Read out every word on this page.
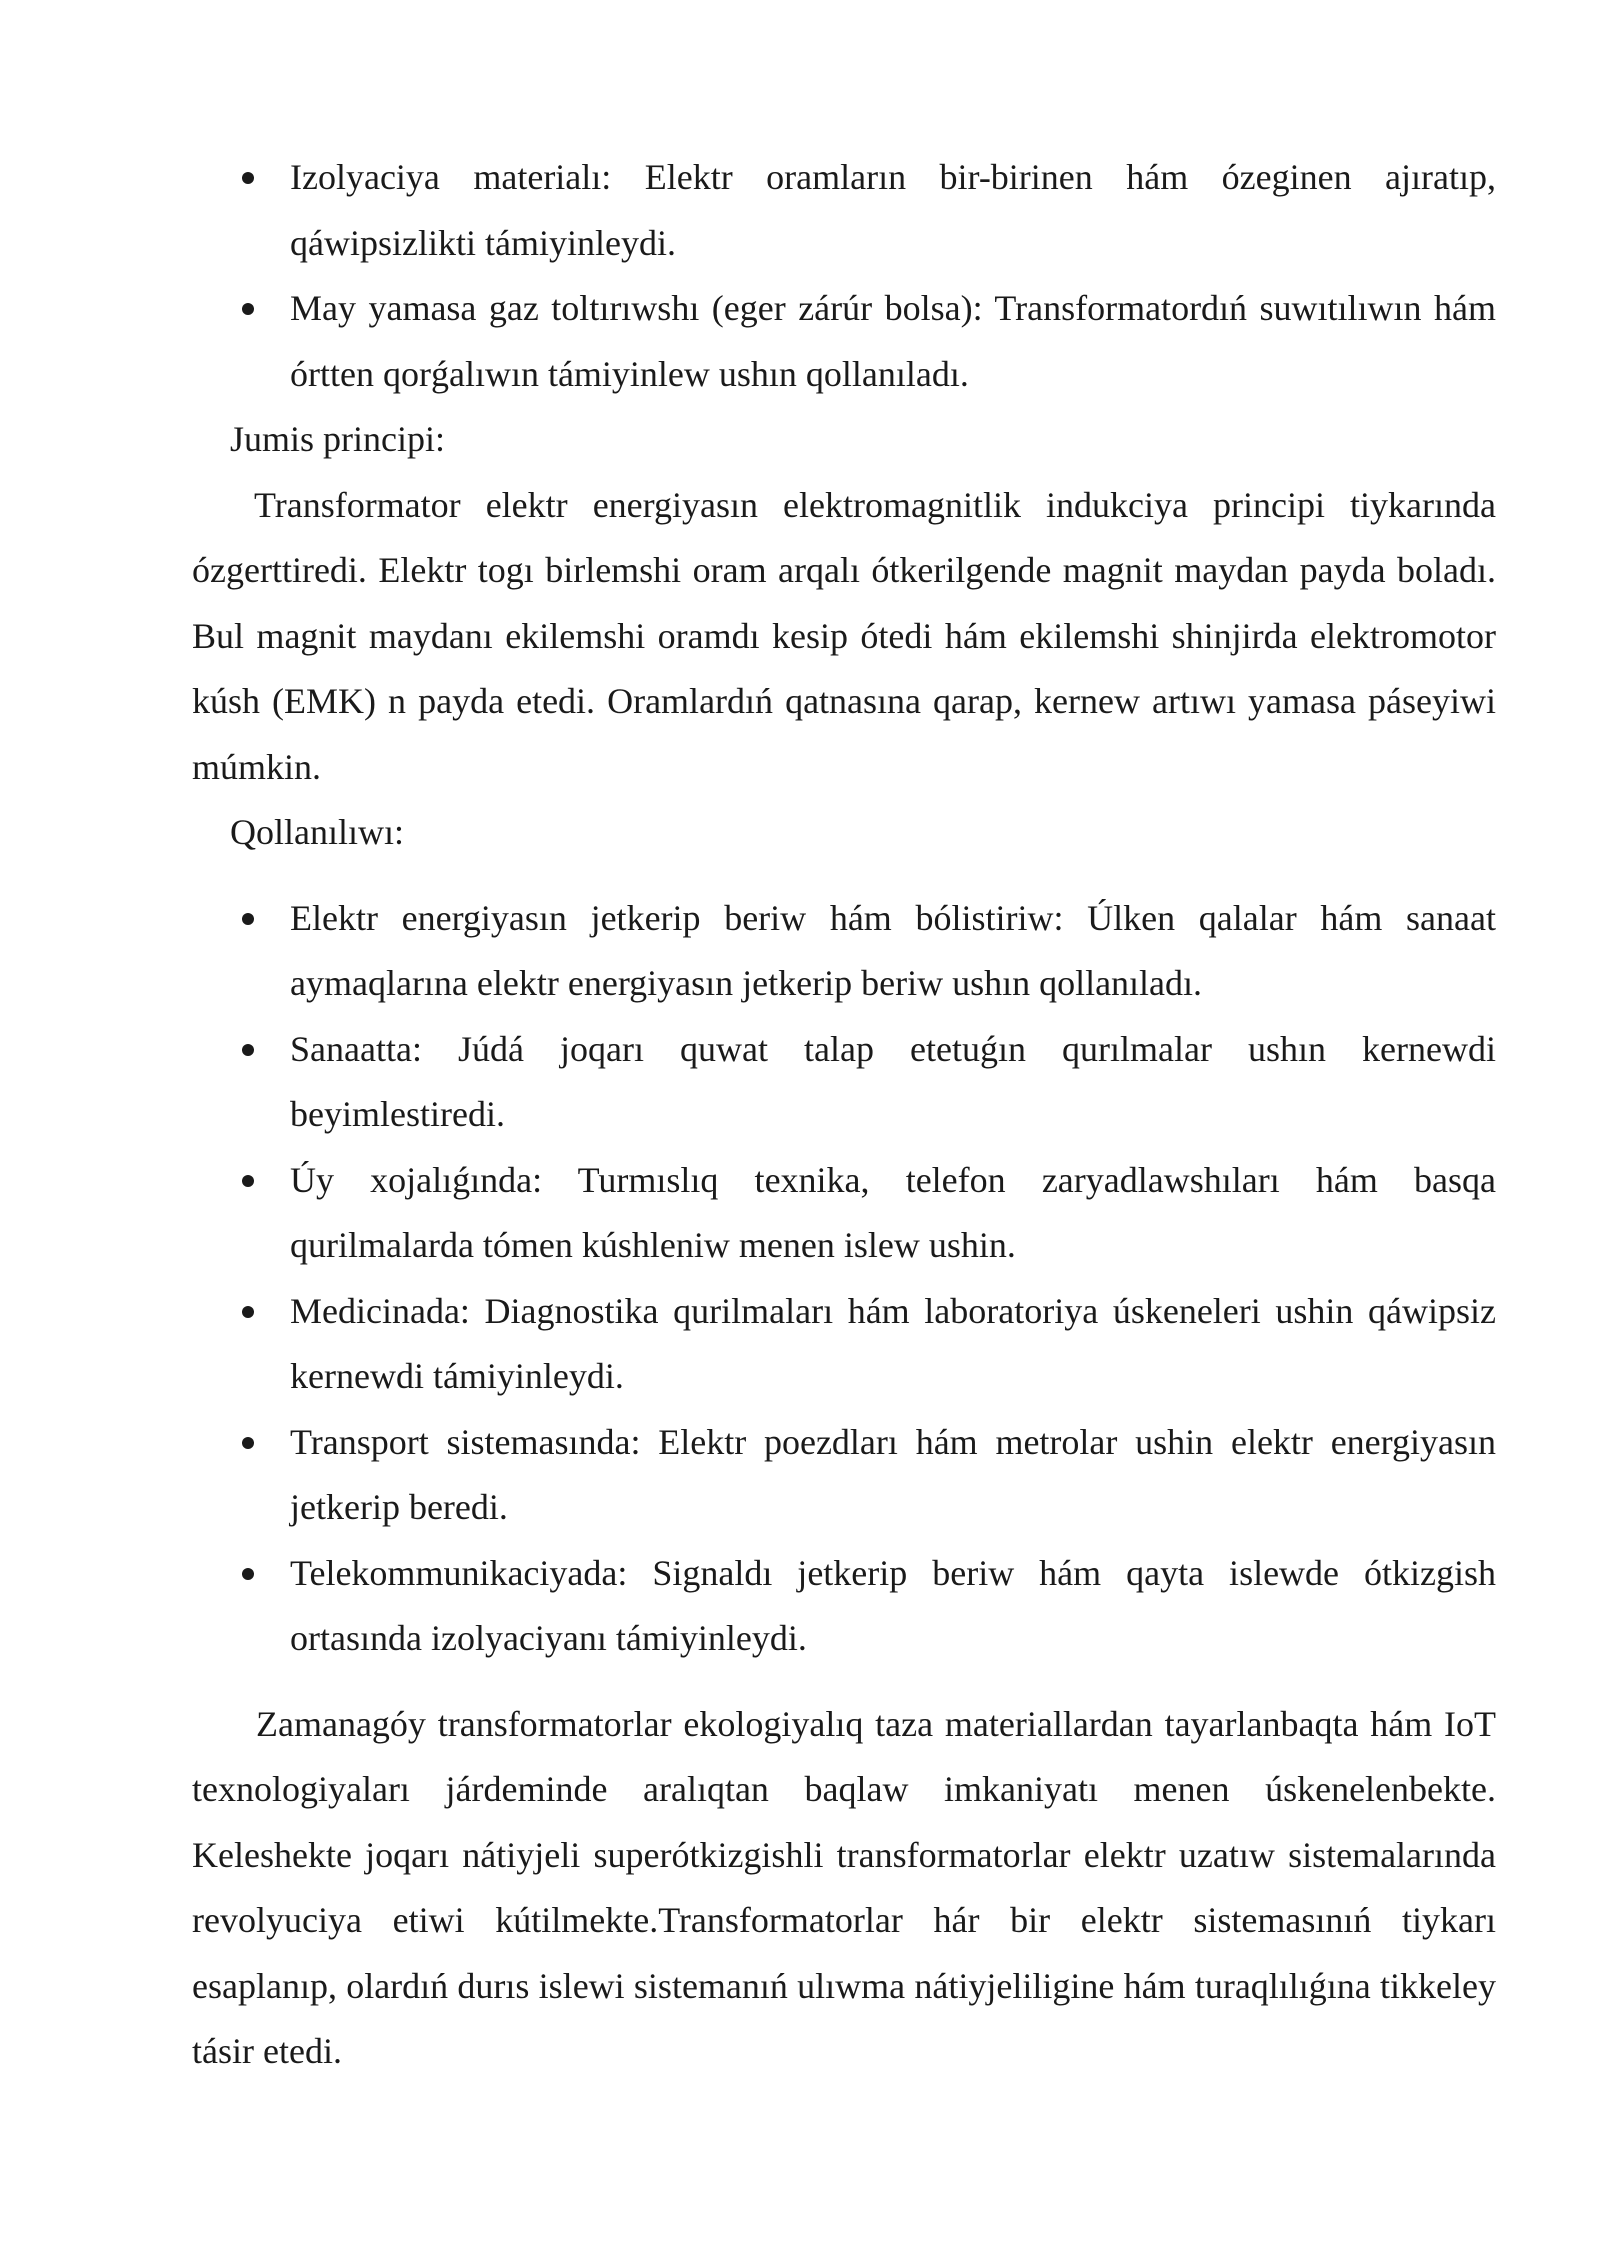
Izolyaciya materialı: Elektr oramların bir-birinen hám ózeginen ajıratıp, qáwipsizlikti támiyinleydi.
May yamasa gaz toltırıwshı (eger zárúr bolsa): Transformatordıń suwıtılıwın hám órtten qorǵalıwın támiyinlew ushın qollanıladı.
Jumis principi:

Transformator elektr energiyasın elektromagnitlik indukciya principi tiykarında ózgerttiredi. Elektr togı birlemshi oram arqalı ótkerilgende magnit maydan payda boladı. Bul magnit maydanı ekilemshi oramdı kesip ótedi hám ekilemshi shinjirda elektromotor kúsh (EMK) n payda etedi. Oramlardıń qatnasına qarap, kernew artıwı yamasa páseyiwi múmkin.

Qollanılıwı:
Elektr energiyasın jetkerip beriw hám bólistiriw: Úlken qalalar hám sanaat aymaqlarına elektr energiyasın jetkerip beriw ushın qollanıladı.
Sanaatta: Júdá joqarı quwat talap etetuǵın qurılmalar ushın kernewdi beyimlestiredi.
Úy xojalıǵında: Turmıslıq texnika, telefon zaryadlawshıları hám basqa qurilmalarda tómen kúshleniw menen islew ushin.
Medicinada: Diagnostika qurilmaları hám laboratoriya úskeneleri ushin qáwipsiz kernewdi támiyinleydi.
Transport sistemasında: Elektr poezdları hám metrolar ushin elektr energiyasın jetkerip beredi.
Telekommunikaciyada: Signaldı jetkerip beriw hám qayta islewde ótkizgish ortasında izolyaciyanı támiyinleydi.

Zamanagóy transformatorlar ekologiyalıq taza materiallardan tayarlanbaqta hám IoT texnologiyaları járdeminde aralıqtan baqlaw imkaniyatı menen úskenelenbekte. Keleshekte joqarı nátiyjeli superótkizgishli transformatorlar elektr uzatıw sistemalarında revolyuciya etiwi kútilmekte.Transformatorlar hár bir elektr sistemasınıń tiykarı esaplanıp, olardıń durıs islewi sistemanıń ulıwma nátiyjeliligine hám turaqlılıǵına tikkeley tásir etedi.
